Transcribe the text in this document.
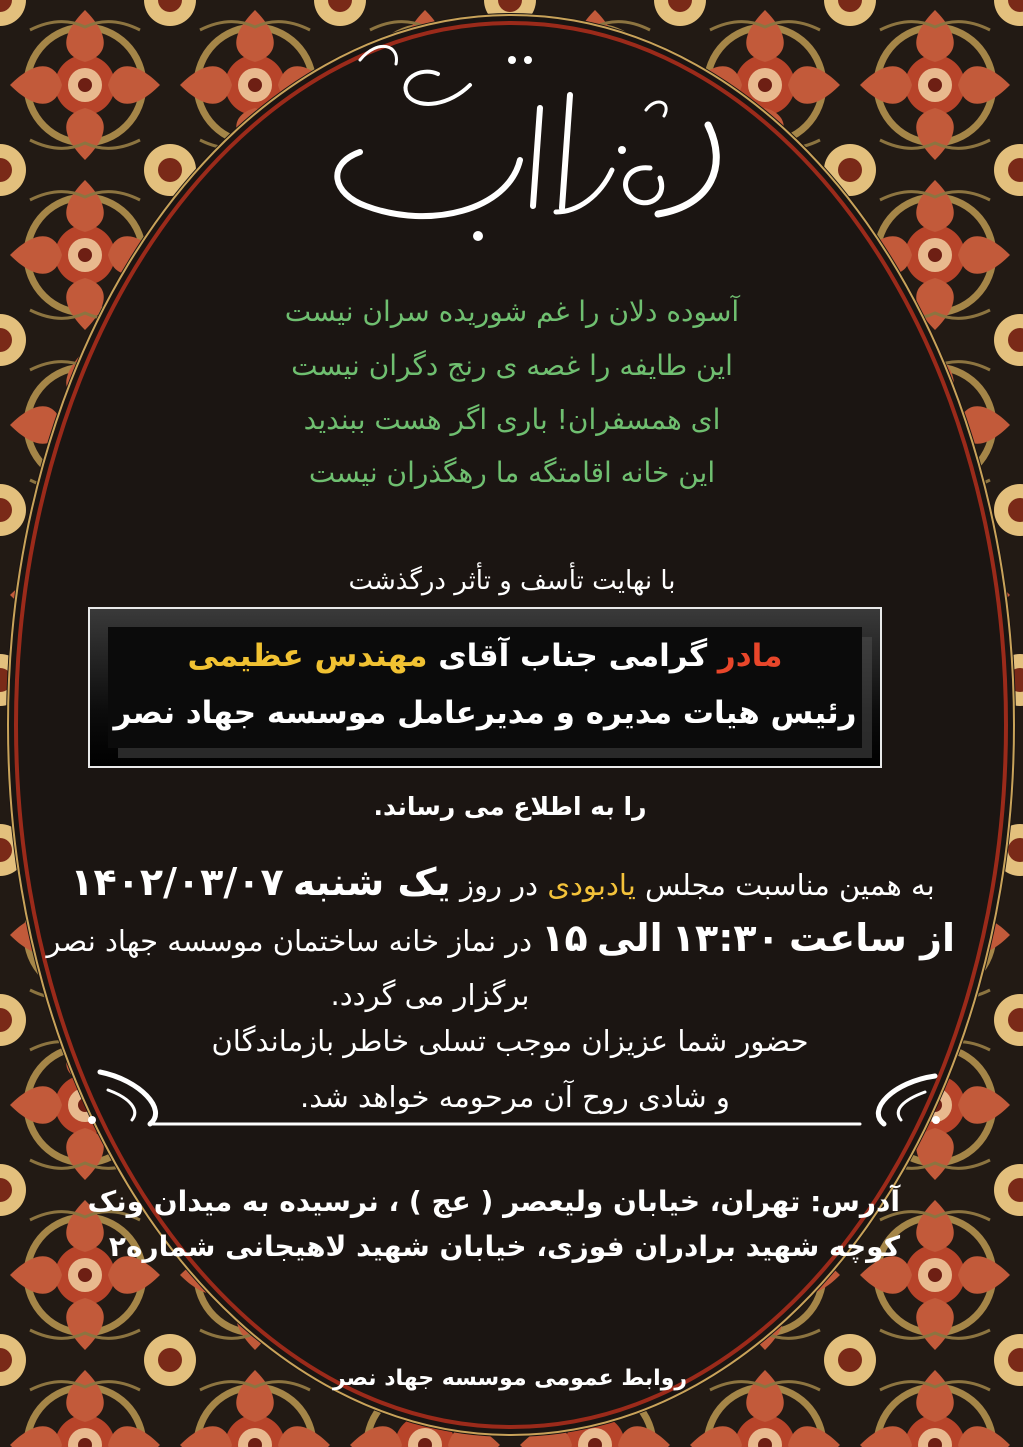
آسوده دلان را غم شوریده سران نیست
این طایفه را غصه ی رنج دگران نیست
ای همسفران! باری اگر هست ببندید
این خانه اقامتگه ما رهگذران نیست
با نهایت تأسف و تأثر درگذشت
مادر گرامی جناب آقای مهندس عظیمی
رئیس هیات مدیره و مدیرعامل موسسه جهاد نصر
را به اطلاع می رساند.
به همین مناسبت مجلس یادبودی در روز یک شنبه ۱۴۰۲/۰۳/۰۷
از ساعت ۱۳:۳۰ الی ۱۵ در نماز خانه ساختمان موسسه جهاد نصر
برگزار می گردد.
حضور شما عزیزان موجب تسلی خاطر بازماندگان
و شادی روح آن مرحومه خواهد شد.
آدرس: تهران، خیابان ولیعصر ( عج ) ، نرسیده به میدان ونک
کوچه شهید برادران فوزی، خیابان شهید لاهیجانی شماره۲
روابط عمومی موسسه جهاد نصر
